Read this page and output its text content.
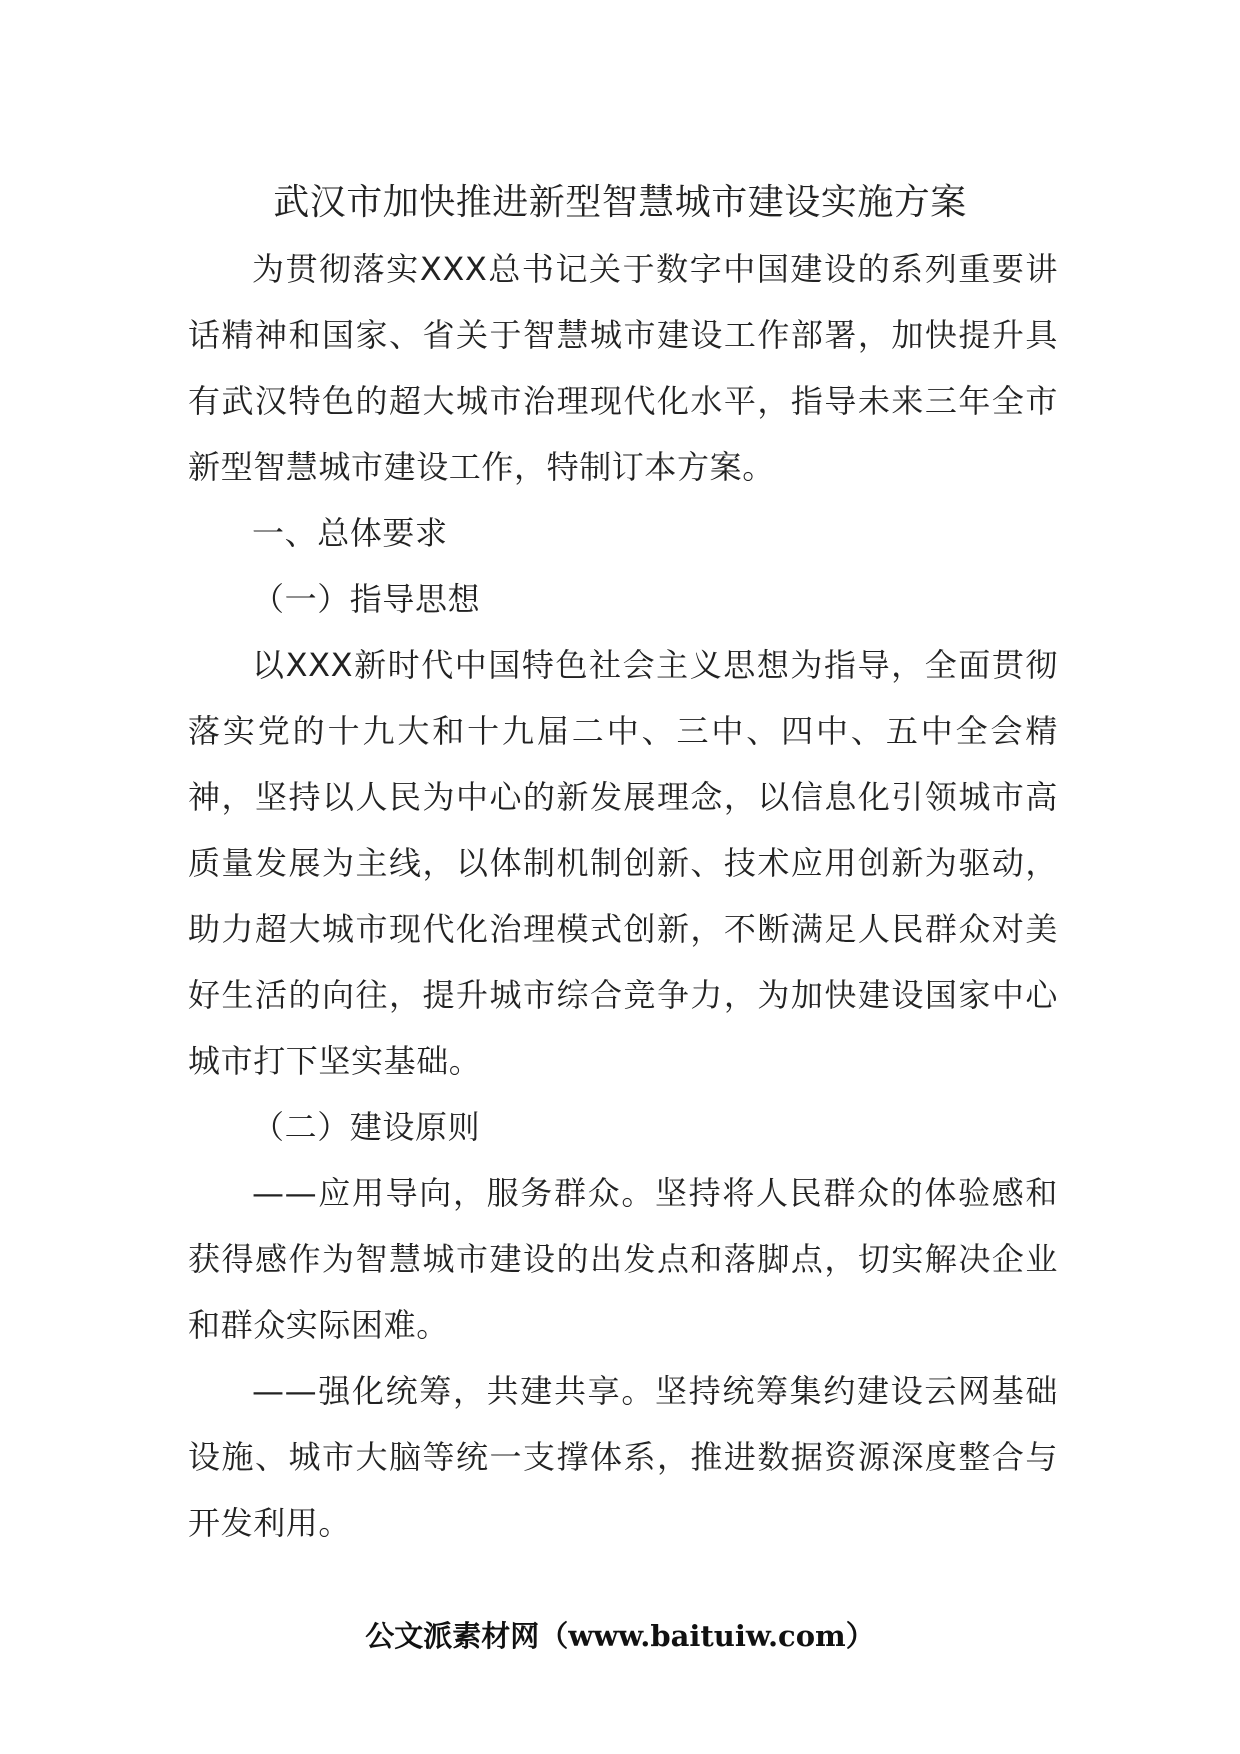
武汉市加快推进新型智慧城市建设实施方案

为贯彻落实XXX总书记关于数字中国建设的系列重要讲话精神和国家、省关于智慧城市建设工作部署，加快提升具有武汉特色的超大城市治理现代化水平，指导未来三年全市新型智慧城市建设工作，特制订本方案。

一、总体要求

（一）指导思想

以XXX新时代中国特色社会主义思想为指导，全面贯彻落实党的十九大和十九届二中、三中、四中、五中全会精神，坚持以人民为中心的新发展理念，以信息化引领城市高质量发展为主线，以体制机制创新、技术应用创新为驱动，助力超大城市现代化治理模式创新，不断满足人民群众对美好生活的向往，提升城市综合竞争力，为加快建设国家中心城市打下坚实基础。

（二）建设原则

——应用导向，服务群众。坚持将人民群众的体验感和获得感作为智慧城市建设的出发点和落脚点，切实解决企业和群众实际困难。

——强化统筹，共建共享。坚持统筹集约建设云网基础设施、城市大脑等统一支撑体系，推进数据资源深度整合与开发利用。

公文派素材网（www.baituiw.com）
